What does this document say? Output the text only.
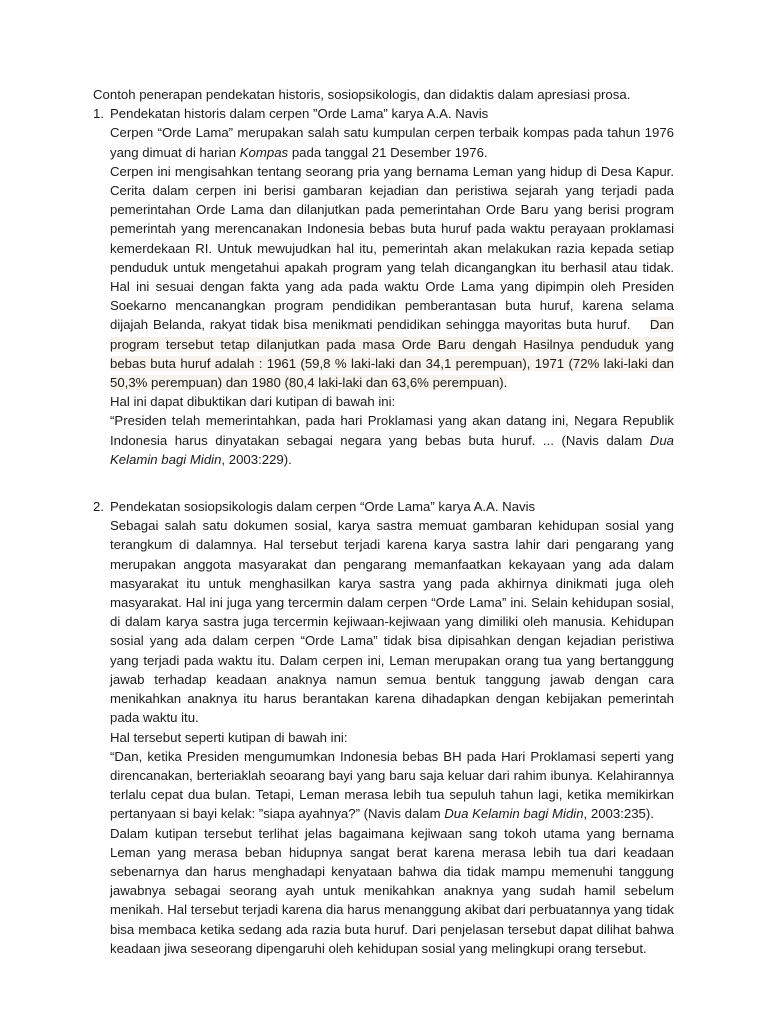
Contoh penerapan pendekatan historis, sosiopsikologis, dan didaktis dalam apresiasi prosa.

1. Pendekatan historis dalam cerpen ”Orde Lama” karya A.A. Navis

Cerpen “Orde Lama” merupakan salah satu kumpulan cerpen terbaik kompas pada tahun 1976 yang dimuat di harian Kompas pada tanggal 21 Desember 1976.

Cerpen ini mengisahkan tentang seorang pria yang bernama Leman yang hidup di Desa Kapur. Cerita dalam cerpen ini berisi gambaran kejadian dan peristiwa sejarah yang terjadi pada pemerintahan Orde Lama dan dilanjutkan pada pemerintahan Orde Baru yang berisi program pemerintah yang merencanakan Indonesia bebas buta huruf pada waktu perayaan proklamasi kemerdekaan RI. Untuk mewujudkan hal itu, pemerintah akan melakukan razia kepada setiap penduduk untuk mengetahui apakah program yang telah dicangangkan itu berhasil atau tidak. Hal ini sesuai dengan fakta yang ada pada waktu Orde Lama yang dipimpin oleh Presiden Soekarno mencanangkan program pendidikan pemberantasan buta huruf, karena selama dijajah Belanda, rakyat tidak bisa menikmati pendidikan sehingga mayoritas buta huruf. Dan program tersebut tetap dilanjutkan pada masa Orde Baru dengah Hasilnya penduduk yang bebas buta huruf adalah : 1961 (59,8 % laki-laki dan 34,1 perempuan), 1971 (72% laki-laki dan 50,3% perempuan) dan 1980 (80,4 laki-laki dan 63,6% perempuan).

Hal ini dapat dibuktikan dari kutipan di bawah ini:

“Presiden telah memerintahkan, pada hari Proklamasi yang akan datang ini, Negara Republik Indonesia harus dinyatakan sebagai negara yang bebas buta huruf. ... (Navis dalam Dua Kelamin bagi Midin, 2003:229).

2. Pendekatan sosiopsikologis dalam cerpen “Orde Lama” karya A.A. Navis

Sebagai salah satu dokumen sosial, karya sastra memuat gambaran kehidupan sosial yang terangkum di dalamnya. Hal tersebut terjadi karena karya sastra lahir dari pengarang yang merupakan anggota masyarakat dan pengarang memanfaatkan kekayaan yang ada dalam masyarakat itu untuk menghasilkan karya sastra yang pada akhirnya dinikmati juga oleh masyarakat. Hal ini juga yang tercermin dalam cerpen “Orde Lama” ini. Selain kehidupan sosial, di dalam karya sastra juga tercermin kejiwaan-kejiwaan yang dimiliki oleh manusia. Kehidupan sosial yang ada dalam cerpen “Orde Lama” tidak bisa dipisahkan dengan kejadian peristiwa yang terjadi pada waktu itu. Dalam cerpen ini, Leman merupakan orang tua yang bertanggung jawab terhadap keadaan anaknya namun semua bentuk tanggung jawab dengan cara menikahkan anaknya itu harus berantakan karena dihadapkan dengan kebijakan pemerintah pada waktu itu.

Hal tersebut seperti kutipan di bawah ini:

“Dan, ketika Presiden mengumumkan Indonesia bebas BH pada Hari Proklamasi seperti yang direncanakan, berteriaklah seoarang bayi yang baru saja keluar dari rahim ibunya. Kelahirannya terlalu cepat dua bulan. Tetapi, Leman merasa lebih tua sepuluh tahun lagi, ketika memikirkan pertanyaan si bayi kelak: ”siapa ayahnya?” (Navis dalam Dua Kelamin bagi Midin, 2003:235).

Dalam kutipan tersebut terlihat jelas bagaimana kejiwaan sang tokoh utama yang bernama Leman yang merasa beban hidupnya sangat berat karena merasa lebih tua dari keadaan sebenarnya dan harus menghadapi kenyataan bahwa dia tidak mampu memenuhi tanggung jawabnya sebagai seorang ayah untuk menikahkan anaknya yang sudah hamil sebelum menikah. Hal tersebut terjadi karena dia harus menanggung akibat dari perbuatannya yang tidak bisa membaca ketika sedang ada razia buta huruf. Dari penjelasan tersebut dapat dilihat bahwa keadaan jiwa seseorang dipengaruhi oleh kehidupan sosial yang melingkupi orang tersebut.
